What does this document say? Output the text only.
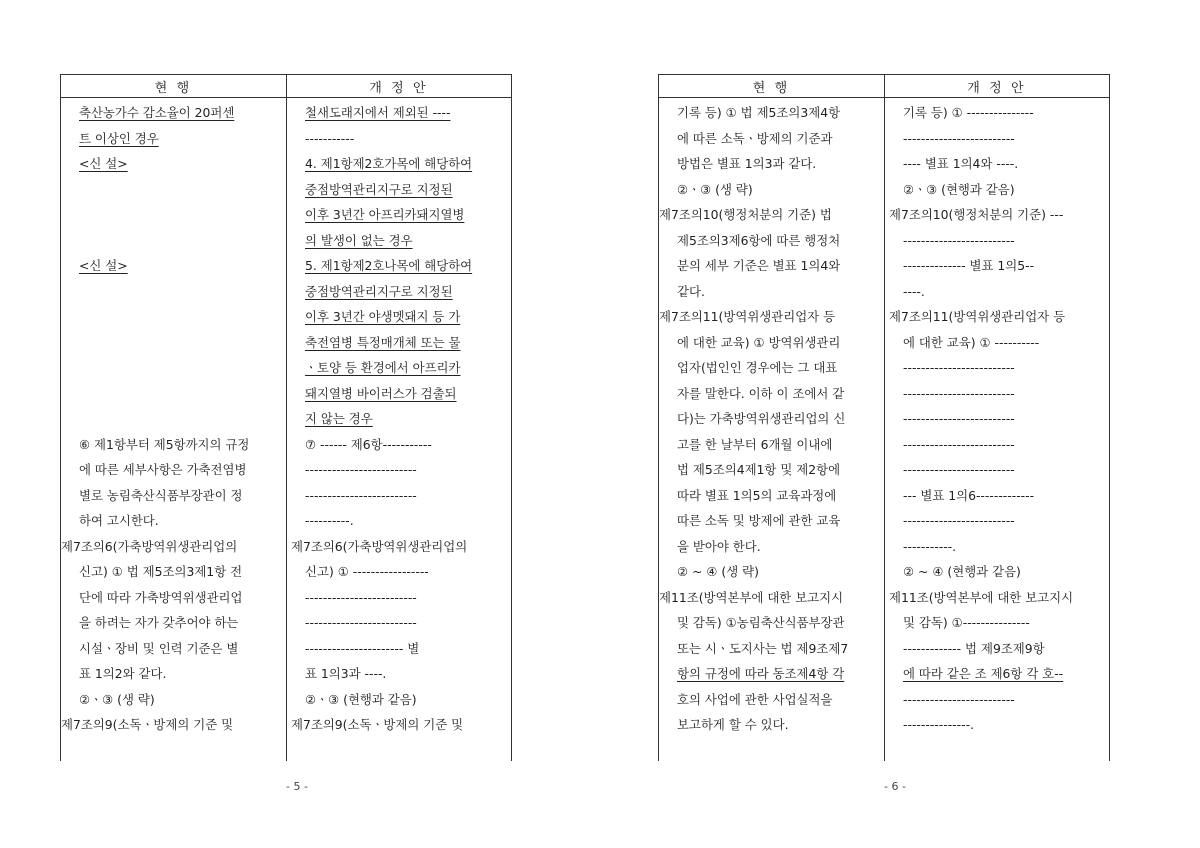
현 행	개 정 안
축산농가수 감소율이 20퍼센
트 이상인 경우
<신 설>
<신 설>
⑥ 제1항부터 제5항까지의 규정
에 따른 세부사항은 가축전염병
별로 농림축산식품부장관이 정
하여 고시한다.
제7조의6(가축방역위생관리업의
신고) ① 법 제5조의3제1항 전
단에 따라 가축방역위생관리업
을 하려는 자가 갖추어야 하는
시설ㆍ장비 및 인력 기준은 별
표 1의2와 같다.
②ㆍ③ (생 략)
제7조의9(소독ㆍ방제의 기준 및
철새도래지에서 제외된 ----
-----------
4. 제1항제2호가목에 해당하여
중점방역관리지구로 지정된
이후 3년간 아프리카돼지열병
의 발생이 없는 경우
5. 제1항제2호나목에 해당하여
중점방역관리지구로 지정된
이후 3년간 야생멧돼지 등 가
축전염병 특정매개체 또는 물
ㆍ토양 등 환경에서 아프리카
돼지열병 바이러스가 검출되
지 않는 경우
⑦ ------ 제6항-----------
-------------------------
-------------------------
----------.
제7조의6(가축방역위생관리업의
신고) ① -----------------
-------------------------
-------------------------
---------------------- 별
표 1의3과 ----.
②ㆍ③ (현행과 같음)
제7조의9(소독ㆍ방제의 기준 및
- 5 -
현 행	개 정 안
기록 등) ① 법 제5조의3제4항
에 따른 소독ㆍ방제의 기준과
방법은 별표 1의3과 같다.
②ㆍ③ (생 략)
제7조의10(행정처분의 기준) 법
제5조의3제6항에 따른 행정처
분의 세부 기준은 별표 1의4와
같다.
제7조의11(방역위생관리업자 등
에 대한 교육) ① 방역위생관리
업자(법인인 경우에는 그 대표
자를 말한다. 이하 이 조에서 같
다)는 가축방역위생관리업의 신
고를 한 날부터 6개월 이내에
법 제5조의4제1항 및 제2항에
따라 별표 1의5의 교육과정에
따른 소독 및 방제에 관한 교육
을 받아야 한다.
② ~ ④ (생 략)
제11조(방역본부에 대한 보고지시
및 감독) ①농림축산식품부장관
또는 시ㆍ도지사는 법 제9조제7
항의 규정에 따라 동조제4항 각
호의 사업에 관한 사업실적을
보고하게 할 수 있다.
기록 등) ① ---------------
-------------------------
---- 별표 1의4와 ----.
②ㆍ③ (현행과 같음)
제7조의10(행정처분의 기준) ---
-------------------------
-------------- 별표 1의5--
----.
제7조의11(방역위생관리업자 등
에 대한 교육) ① ----------
-------------------------
-------------------------
-------------------------
-------------------------
-------------------------
--- 별표 1의6-------------
-------------------------
-----------.
② ~ ④ (현행과 같음)
제11조(방역본부에 대한 보고지시
및 감독) ①---------------
------------- 법 제9조제9항
에 따라 같은 조 제6항 각 호--
-------------------------
---------------.
- 6 -
